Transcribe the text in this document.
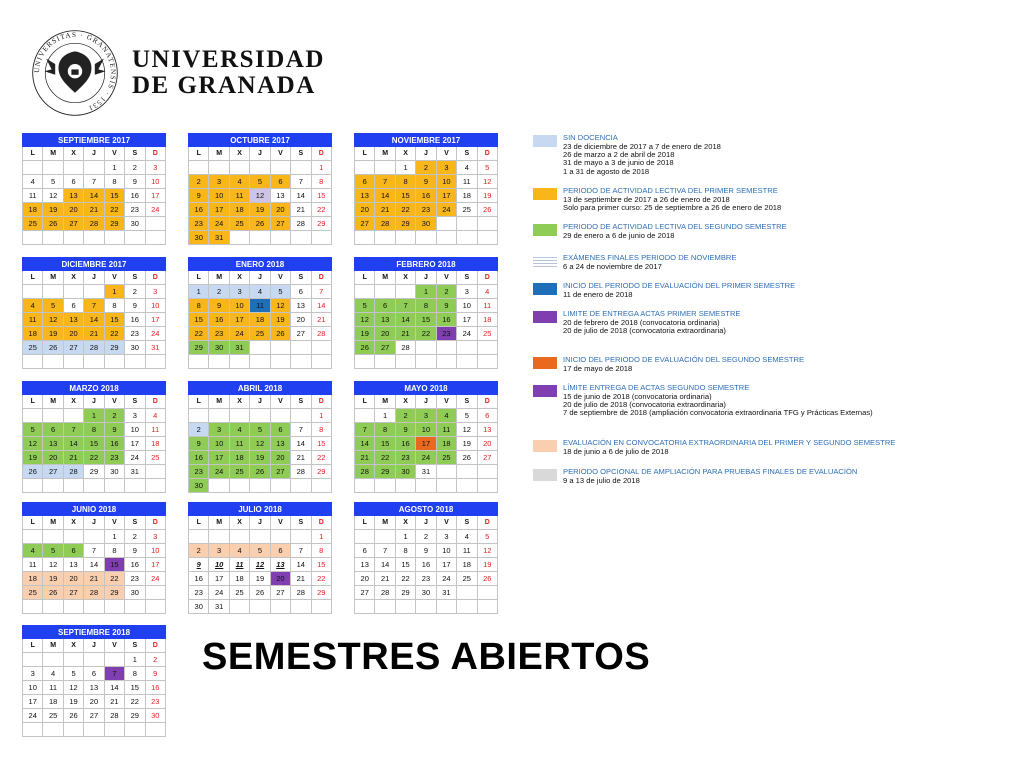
UNIVERSITAS · GRANATENSIS · 1531
UNIVERSIDAD
DE GRANADA
SEPTIEMBRE 2017						
L	M	X	J	V	S	D
				1	2	3
4	5	6	7	8	9	10
11	12	13	14	15	16	17
18	19	20	21	22	23	24
25	26	27	28	29	30	

OCTUBRE 2017						
L	M	X	J	V	S	D
						1
2	3	4	5	6	7	8
9	10	11	12	13	14	15
16	17	18	19	20	21	22
23	24	25	26	27	28	29
30	31					
NOVIEMBRE 2017						
L	M	X	J	V	S	D
		1	2	3	4	5
6	7	8	9	10	11	12
13	14	15	16	17	18	19
20	21	22	23	24	25	26
27	28	29	30			

DICIEMBRE 2017						
L	M	X	J	V	S	D
				1	2	3
4	5	6	7	8	9	10
11	12	13	14	15	16	17
18	19	20	21	22	23	24
25	26	27	28	29	30	31

ENERO 2018						
L	M	X	J	V	S	D
1	2	3	4	5	6	7
8	9	10	11	12	13	14
15	16	17	18	19	20	21
22	23	24	25	26	27	28
29	30	31				

FEBRERO 2018						
L	M	X	J	V	S	D
			1	2	3	4
5	6	7	8	9	10	11
12	13	14	15	16	17	18
19	20	21	22	23	24	25
26	27	28				

MARZO 2018						
L	M	X	J	V	S	D
			1	2	3	4
5	6	7	8	9	10	11
12	13	14	15	16	17	18
19	20	21	22	23	24	25
26	27	28	29	30	31	

ABRIL 2018						
L	M	X	J	V	S	D
						1
2	3	4	5	6	7	8
9	10	11	12	13	14	15
16	17	18	19	20	21	22
23	24	25	26	27	28	29
30						
MAYO 2018						
L	M	X	J	V	S	D
	1	2	3	4	5	6
7	8	9	10	11	12	13
14	15	16	17	18	19	20
21	22	23	24	25	26	27
28	29	30	31			

JUNIO 2018						
L	M	X	J	V	S	D
				1	2	3
4	5	6	7	8	9	10
11	12	13	14	15	16	17
18	19	20	21	22	23	24
25	26	27	28	29	30	

JULIO 2018						
L	M	X	J	V	S	D
						1
2	3	4	5	6	7	8
9	10	11	12	13	14	15
16	17	18	19	20	21	22
23	24	25	26	27	28	29
30	31					
AGOSTO 2018						
L	M	X	J	V	S	D
		1	2	3	4	5
6	7	8	9	10	11	12
13	14	15	16	17	18	19
20	21	22	23	24	25	26
27	28	29	30	31		

SEPTIEMBRE 2018						
L	M	X	J	V	S	D
					1	2
3	4	5	6	7	8	9
10	11	12	13	14	15	16
17	18	19	20	21	22	23
24	25	26	27	28	29	30

SIN DOCENCIA
23 de diciembre de 2017 a 7 de enero de 2018
26 de marzo a 2 de abril de 2018
31 de mayo a 3 de junio de 2018
1 a 31 de agosto de 2018
PERIODO DE ACTIVIDAD LECTIVA DEL PRIMER SEMESTRE
13 de septiembre de 2017 a 26 de enero de 2018
Solo para primer curso: 25 de septiembre a 26 de enero de 2018
PERIODO DE ACTIVIDAD LECTIVA DEL SEGUNDO SEMESTRE
29 de enero a 6 de junio de 2018
EXÁMENES FINALES PERIODO DE NOVIEMBRE
6 a 24 de noviembre de 2017
INICIO DEL PERIODO DE EVALUACIÓN DEL PRIMER SEMESTRE
11 de enero de 2018
LIMITE DE ENTREGA ACTAS PRIMER SEMESTRE
20 de febrero de 2018 (convocatoria ordinaria)
20 de julio de 2018 (convocatoria extraordinaria)
INICIO DEL PERIODO DE EVALUACIÓN DEL SEGUNDO SEMESTRE
17 de mayo de 2018
LÍMITE ENTREGA DE ACTAS SEGUNDO SEMESTRE
15 de junio de 2018 (convocatoria ordinaria)
20 de julio de 2018 (convocatoria extraordinaria)
7 de septiembre de 2018 (ampliación convocatoria extraordinaria TFG y Prácticas Externas)
EVALUACIÓN EN CONVOCATORIA EXTRAORDINARIA DEL PRIMER Y SEGUNDO SEMESTRE
18 de junio a 6 de julio de 2018
PERIODO OPCIONAL DE AMPLIACIÓN PARA PRUEBAS FINALES DE EVALUACIÓN
9 a 13 de julio de 2018
SEMESTRES ABIERTOS
